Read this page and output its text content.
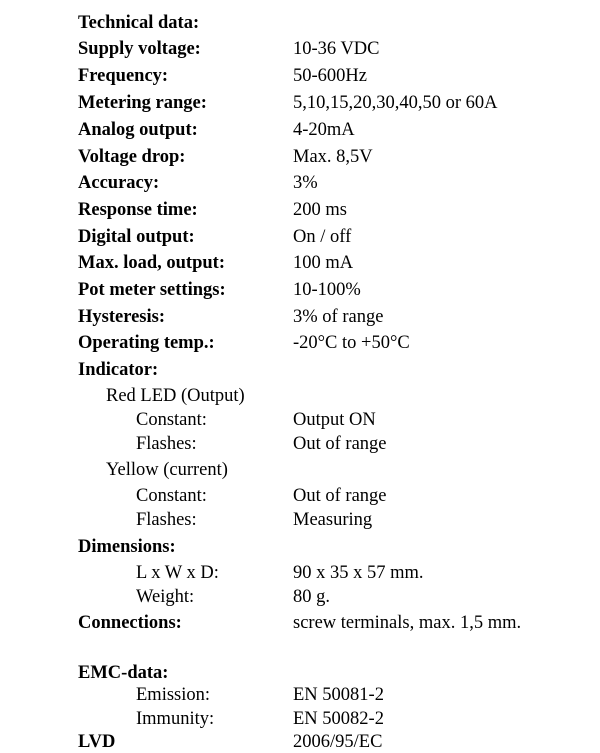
Technical data:
Supply voltage:	10-36 VDC
Frequency:	50-600Hz
Metering range:	5,10,15,20,30,40,50 or 60A
Analog output:	4-20mA
Voltage drop:	Max. 8,5V
Accuracy:	3%
Response time:	200 ms
Digital output:	On / off
Max. load, output:	100 mA
Pot meter settings:	10-100%
Hysteresis:	3% of range
Operating temp.:	-20°C to +50°C
Indicator:
Red LED (Output)
Constant:	Output ON
Flashes:	Out of range
Yellow (current)
Constant:	Out of range
Flashes:	Measuring
Dimensions:
L x W x D:	90 x 35 x 57 mm.
Weight:	80 g.
Connections:	screw terminals, max. 1,5 mm.
EMC-data:
Emission:	EN 50081-2
Immunity:	EN 50082-2
LVD	2006/95/EC
